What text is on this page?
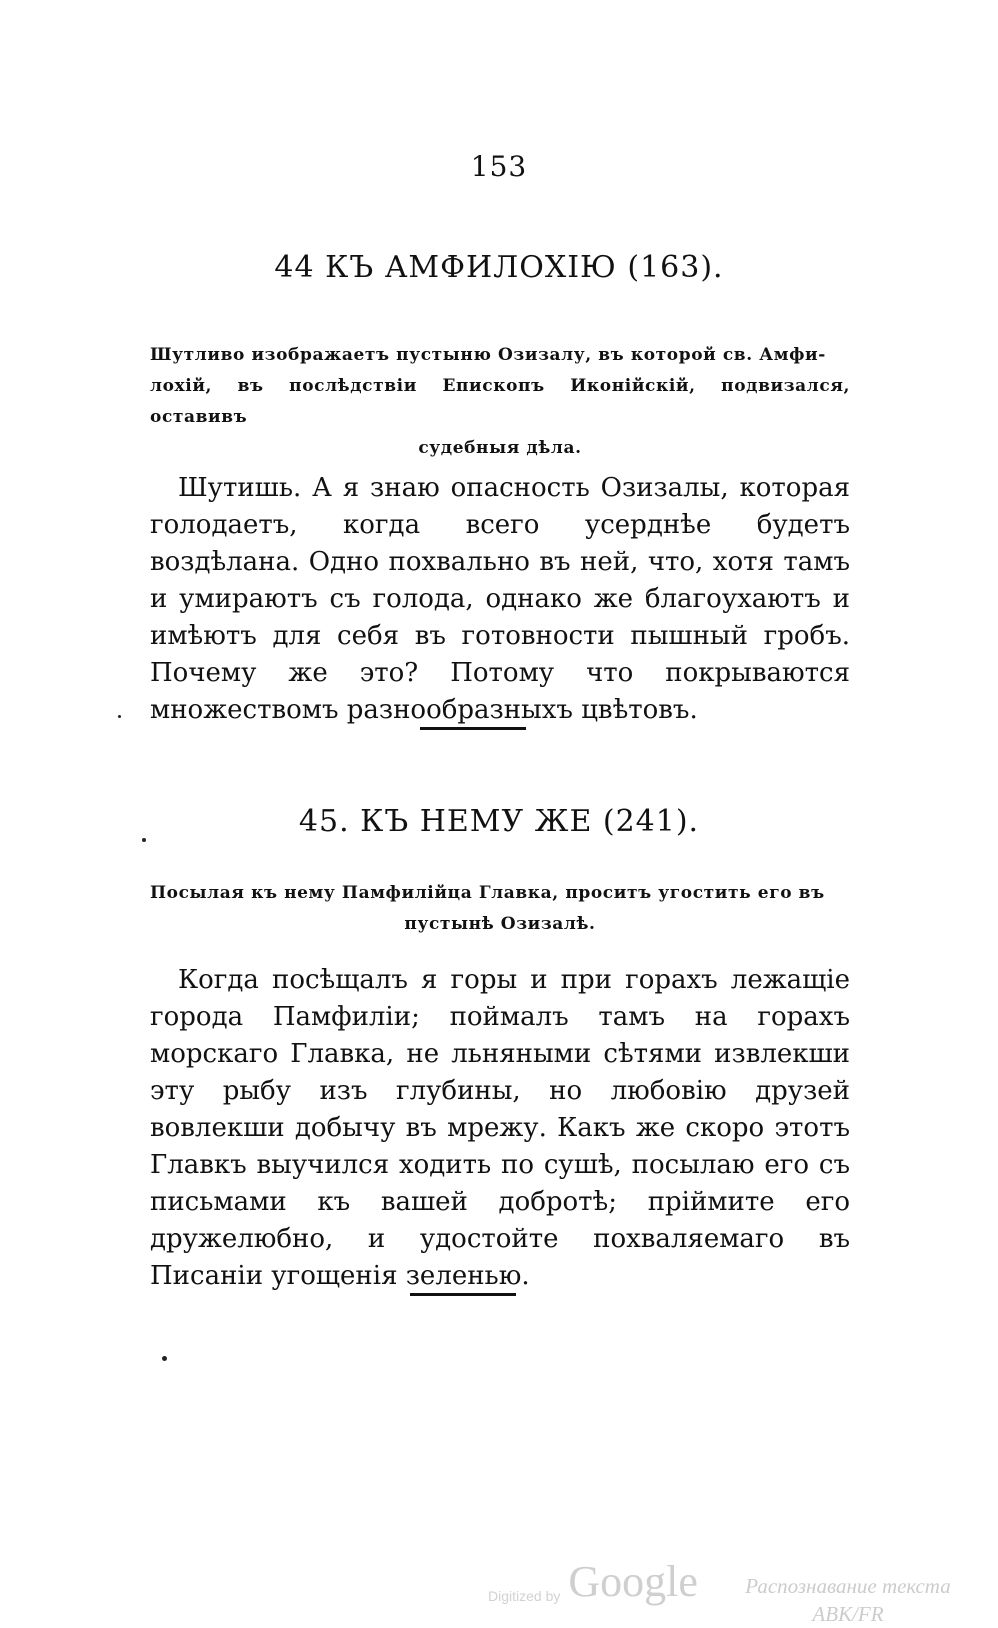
153
44 КЪ АМФИЛОХІЮ (163).
Шутливо изображаетъ пустыню Озизалу, въ которой св. Амфи-
лохій, въ послѣдствіи Епископъ Иконійскій, подвизался, оставивъ
судебныя дѣла.

Шутишь. А я знаю опасность Озизалы, которая голодаетъ, когда всего усерднѣе будетъ воздѣлана. Одно похвально въ ней, что, хотя тамъ и умираютъ съ голода, однако же благоухаютъ и имѣютъ для себя въ готовности пышный гробъ. Почему же это? Потому что покрываются множествомъ разнообразныхъ цвѣтовъ.

45. КЪ НЕМУ ЖЕ (241).
Посылая къ нему Памфилійца Главка, проситъ угостить его въ
пустынѣ Озизалѣ.

Когда посѣщалъ я горы и при горахъ лежащіе города Памфиліи; поймалъ тамъ на горахъ морскаго Главка, не льняными сѣтями извлекши эту рыбу изъ глубины, но любовію друзей вовлекши добычу въ мрежу. Какъ же скоро этотъ Главкъ выучился ходить по сушѣ, посылаю его съ письмами къ вашей добротѣ; пріймите его дружелюбно, и удостойте похваляемаго въ Писаніи угощенія зеленью.

Digitized by Google	Распознавание текста
ABK/FR
